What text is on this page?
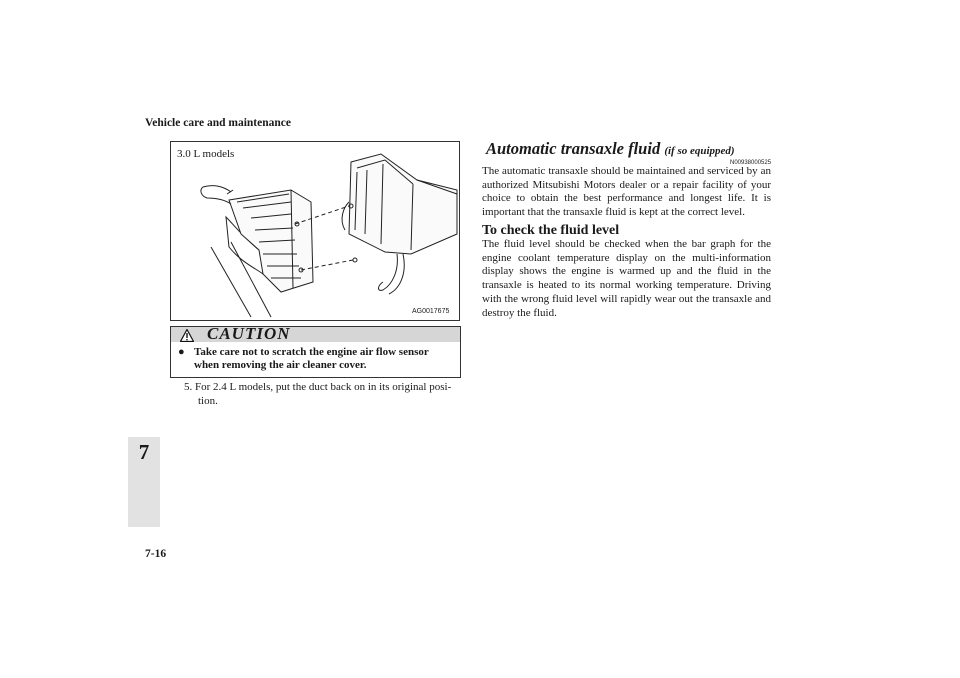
Vehicle care and maintenance
7
7-16
3.0 L models
AG0017675
CAUTION
● Take care not to scratch the engine air flow sensor
when removing the air cleaner cover.
5. For 2.4 L models, put the duct back on in its original posi-
tion.
Automatic transaxle fluid (if so equipped)
N00938000525
The automatic transaxle should be maintained and serviced by an authorized Mitsubishi Motors dealer or a repair facility of your choice to obtain the best performance and longest life. It is important that the transaxle fluid is kept at the correct level.
To check the fluid level
The fluid level should be checked when the bar graph for the engine coolant temperature display on the multi-information display shows the engine is warmed up and the fluid in the transaxle is heated to its normal working temperature. Driving with the wrong fluid level will rapidly wear out the transaxle and destroy the fluid.
